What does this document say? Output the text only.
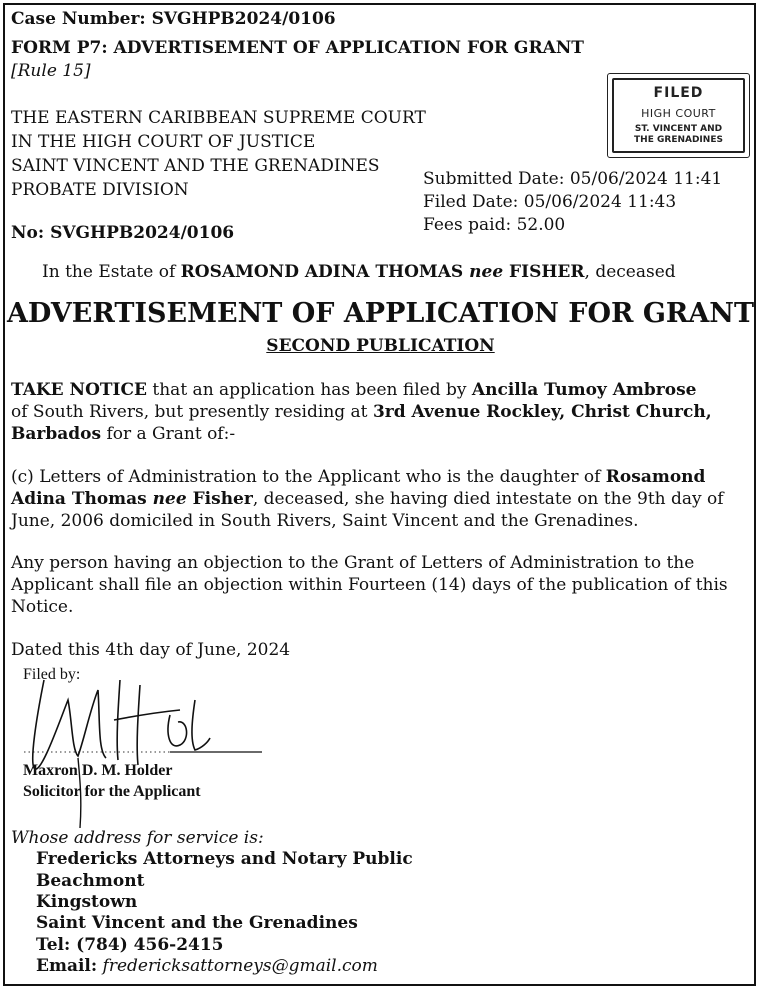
Case Number: SVGHPB2024/0106
FORM P7: ADVERTISEMENT OF APPLICATION FOR GRANT
[Rule 15]
FILED
HIGH COURT
ST. VINCENT AND
THE GRENADINES
THE EASTERN CARIBBEAN SUPREME COURT
IN THE HIGH COURT OF JUSTICE
SAINT VINCENT AND THE GRENADINES
PROBATE DIVISION
No: SVGHPB2024/0106
Submitted Date: 05/06/2024 11:41
Filed Date: 05/06/2024 11:43
Fees paid: 52.00
In the Estate of ROSAMOND ADINA THOMAS nee FISHER, deceased
ADVERTISEMENT OF APPLICATION FOR GRANT
SECOND PUBLICATION
TAKE NOTICE that an application has been filed by Ancilla Tumoy Ambrose
of South Rivers, but presently residing at 3rd Avenue Rockley, Christ Church, Barbados for a Grant of:-
(c) Letters of Administration to the Applicant who is the daughter of Rosamond Adina Thomas nee Fisher, deceased, she having died intestate on the 9th day of June, 2006 domiciled in South Rivers, Saint Vincent and the Grenadines.
Any person having an objection to the Grant of Letters of Administration to the Applicant shall file an objection within Fourteen (14) days of the publication of this Notice.
Dated this 4th day of June, 2024
Filed by:
Maxron D. M. Holder
Solicitor for the Applicant
Whose address for service is:
Fredericks Attorneys and Notary Public
Beachmont
Kingstown
Saint Vincent and the Grenadines
Tel: (784) 456-2415
Email: fredericksattorneys@gmail.com
